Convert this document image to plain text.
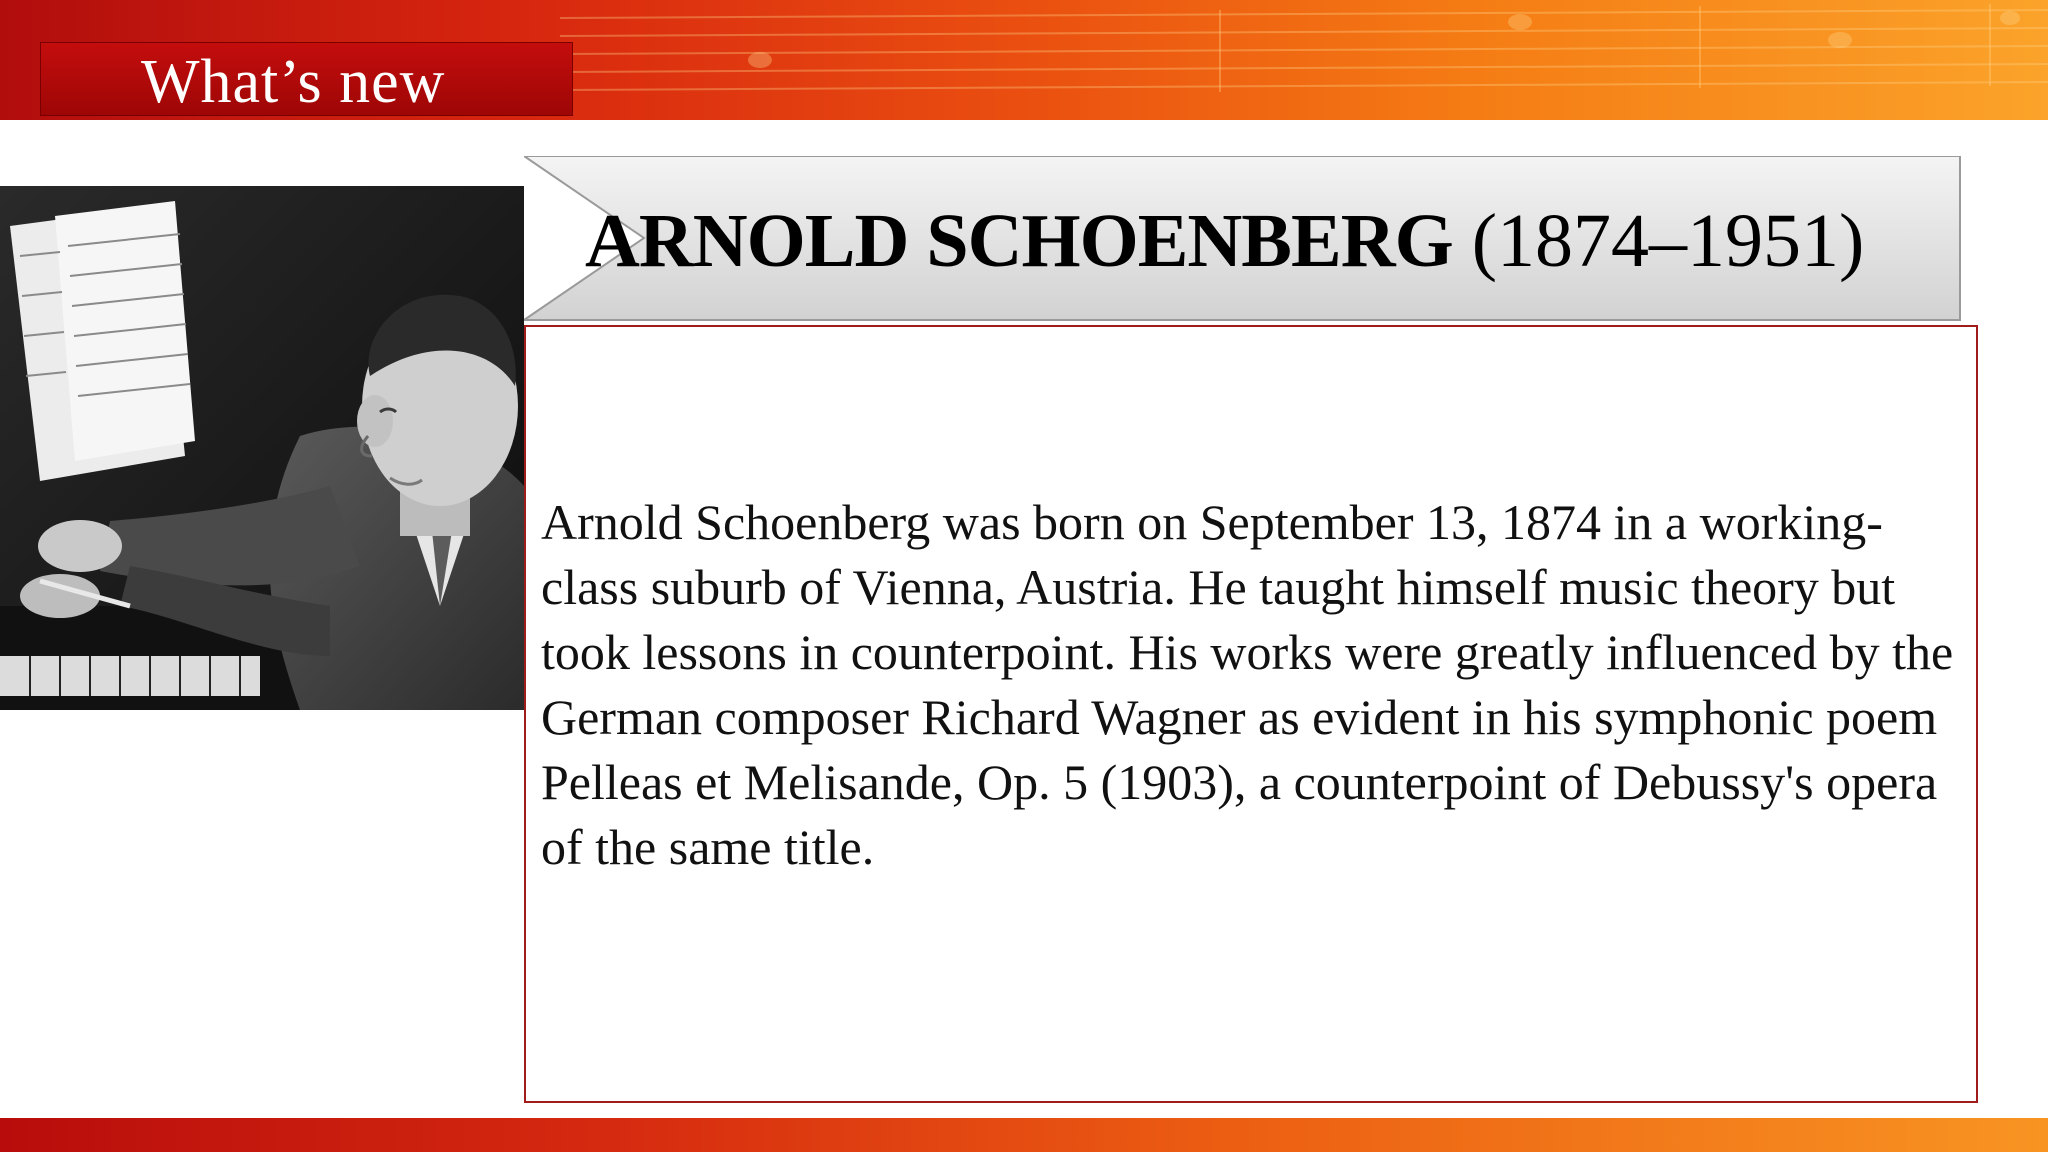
What’s new
ARNOLD SCHOENBERG (1874–1951)
Arnold Schoenberg was born on September 13, 1874 in a working-class suburb of Vienna, Austria. He taught himself music theory but took lessons in counterpoint. His works were greatly influenced by the German composer Richard Wagner as evident in his symphonic poem Pelleas et Melisande, Op. 5 (1903), a counterpoint of Debussy's opera of the same title.
